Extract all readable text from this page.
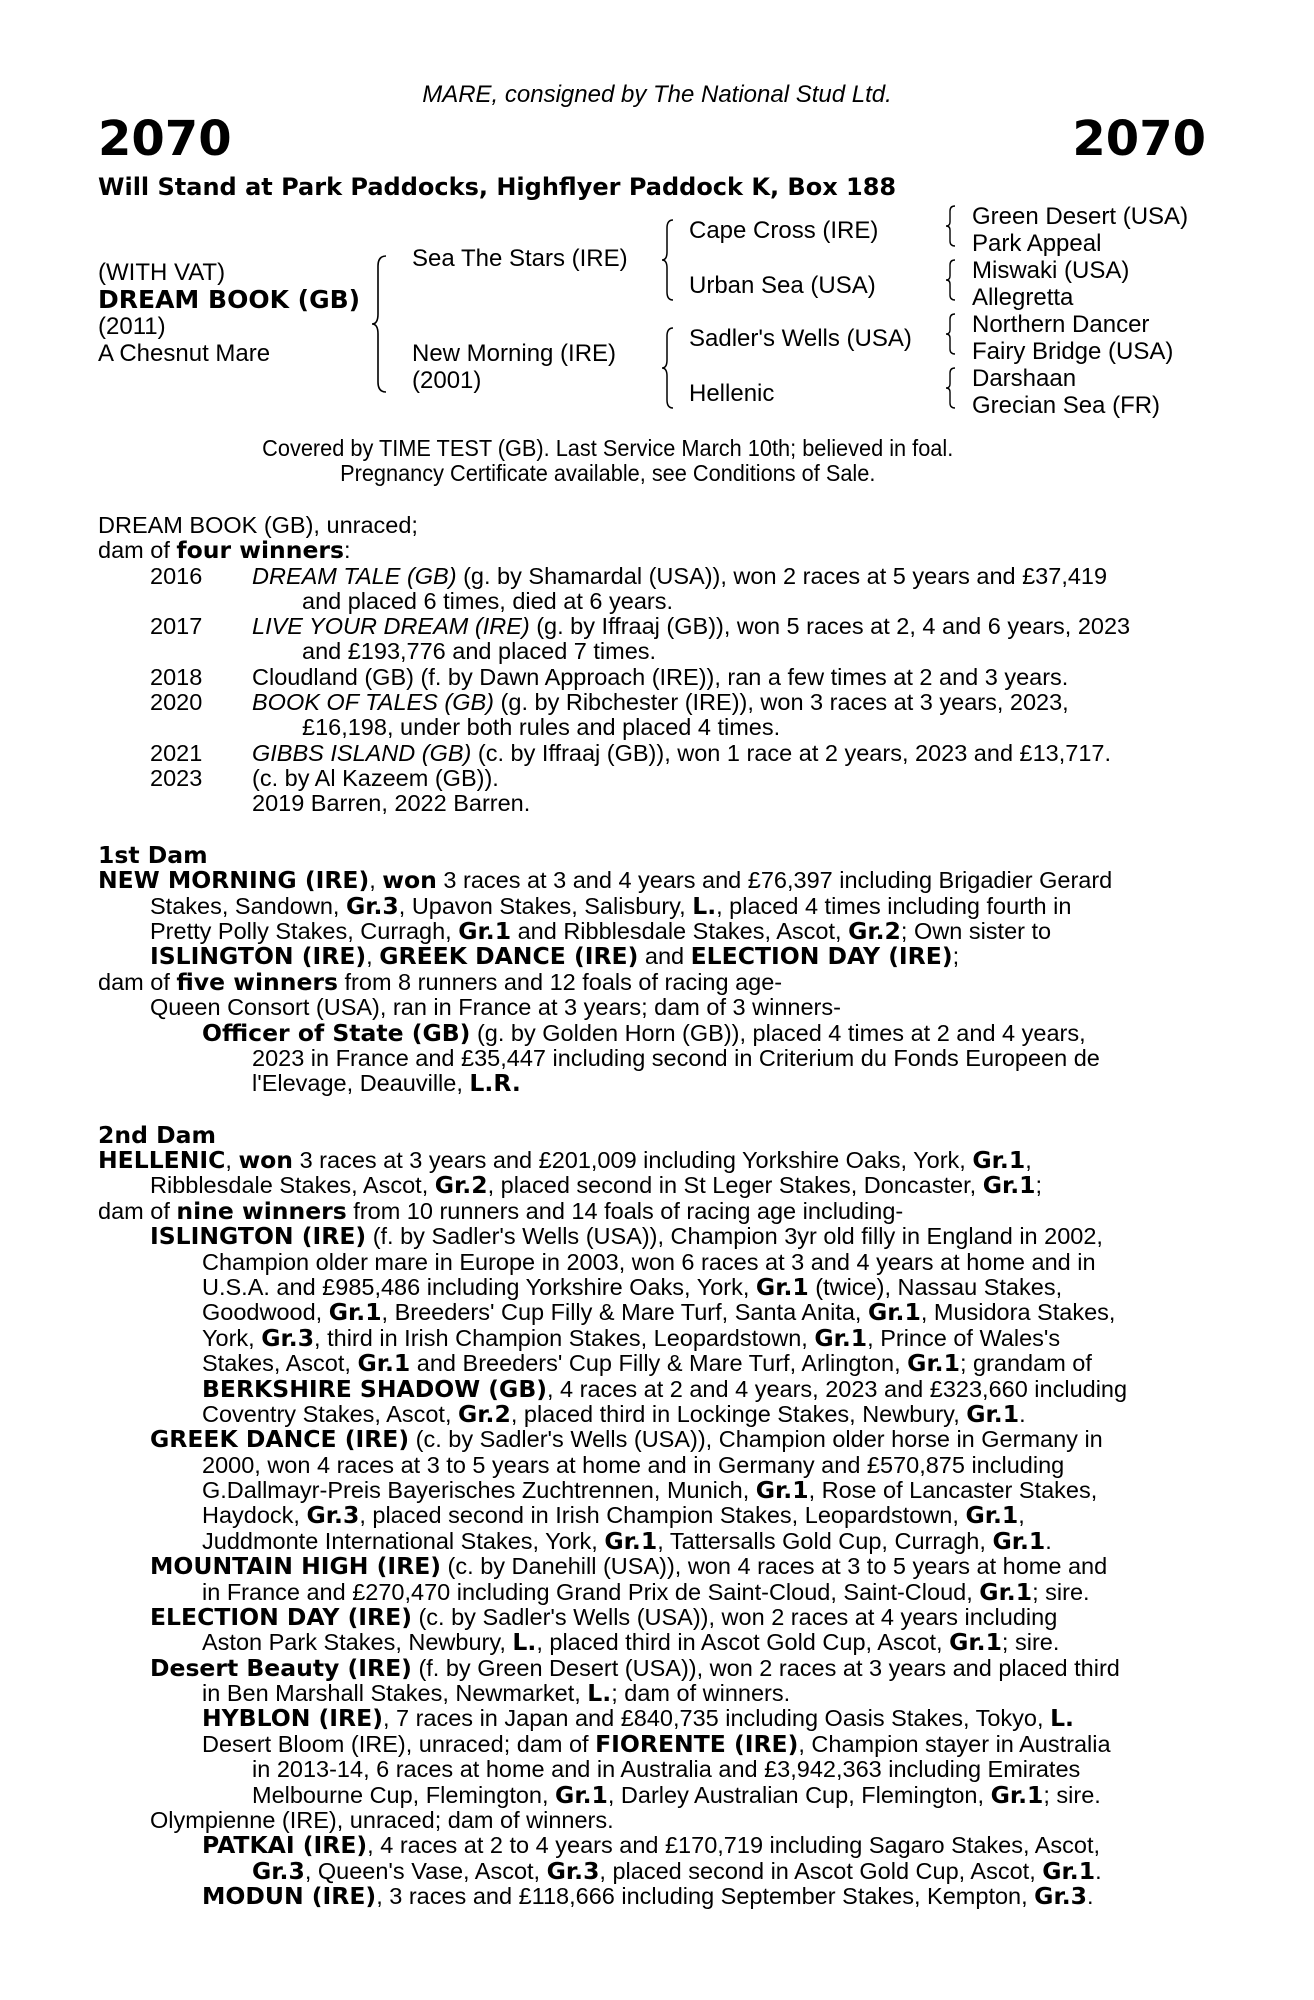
MARE, consigned by The National Stud Ltd.
2070	2070
Will Stand at Park Paddocks, Highflyer Paddock K, Box 188
(WITH VAT)
DREAM BOOK (GB)
(2011)
A Chesnut Mare
Sea The Stars (IRE)
New Morning (IRE)
(2001)
Cape Cross (IRE)
Urban Sea (USA)
Sadler's Wells (USA)
Hellenic
Green Desert (USA)
Park Appeal
Miswaki (USA)
Allegretta
Northern Dancer
Fairy Bridge (USA)
Darshaan
Grecian Sea (FR)
Covered by TIME TEST (GB). Last Service March 10th; believed in foal.
Pregnancy Certificate available, see Conditions of Sale.
DREAM BOOK (GB), unraced;
dam of four winners:
2016 DREAM TALE (GB) (g. by Shamardal (USA)), won 2 races at 5 years and £37,419
and placed 6 times, died at 6 years.
2017 LIVE YOUR DREAM (IRE) (g. by Iffraaj (GB)), won 5 races at 2, 4 and 6 years, 2023
and £193,776 and placed 7 times.
2018 Cloudland (GB) (f. by Dawn Approach (IRE)), ran a few times at 2 and 3 years.
2020 BOOK OF TALES (GB) (g. by Ribchester (IRE)), won 3 races at 3 years, 2023,
£16,198, under both rules and placed 4 times.
2021 GIBBS ISLAND (GB) (c. by Iffraaj (GB)), won 1 race at 2 years, 2023 and £13,717.
2023 (c. by Al Kazeem (GB)).
2019 Barren, 2022 Barren.
1st Dam
NEW MORNING (IRE), won 3 races at 3 and 4 years and £76,397 including Brigadier Gerard
Stakes, Sandown, Gr.3, Upavon Stakes, Salisbury, L., placed 4 times including fourth in
Pretty Polly Stakes, Curragh, Gr.1 and Ribblesdale Stakes, Ascot, Gr.2; Own sister to
ISLINGTON (IRE), GREEK DANCE (IRE) and ELECTION DAY (IRE);
dam of five winners from 8 runners and 12 foals of racing age-
Queen Consort (USA), ran in France at 3 years; dam of 3 winners-
Officer of State (GB) (g. by Golden Horn (GB)), placed 4 times at 2 and 4 years,
2023 in France and £35,447 including second in Criterium du Fonds Europeen de
l'Elevage, Deauville, L.R.
2nd Dam
HELLENIC, won 3 races at 3 years and £201,009 including Yorkshire Oaks, York, Gr.1,
Ribblesdale Stakes, Ascot, Gr.2, placed second in St Leger Stakes, Doncaster, Gr.1;
dam of nine winners from 10 runners and 14 foals of racing age including-
ISLINGTON (IRE) (f. by Sadler's Wells (USA)), Champion 3yr old filly in England in 2002,
Champion older mare in Europe in 2003, won 6 races at 3 and 4 years at home and in
U.S.A. and £985,486 including Yorkshire Oaks, York, Gr.1 (twice), Nassau Stakes,
Goodwood, Gr.1, Breeders' Cup Filly & Mare Turf, Santa Anita, Gr.1, Musidora Stakes,
York, Gr.3, third in Irish Champion Stakes, Leopardstown, Gr.1, Prince of Wales's
Stakes, Ascot, Gr.1 and Breeders' Cup Filly & Mare Turf, Arlington, Gr.1; grandam of
BERKSHIRE SHADOW (GB), 4 races at 2 and 4 years, 2023 and £323,660 including
Coventry Stakes, Ascot, Gr.2, placed third in Lockinge Stakes, Newbury, Gr.1.
GREEK DANCE (IRE) (c. by Sadler's Wells (USA)), Champion older horse in Germany in
2000, won 4 races at 3 to 5 years at home and in Germany and £570,875 including
G.Dallmayr-Preis Bayerisches Zuchtrennen, Munich, Gr.1, Rose of Lancaster Stakes,
Haydock, Gr.3, placed second in Irish Champion Stakes, Leopardstown, Gr.1,
Juddmonte International Stakes, York, Gr.1, Tattersalls Gold Cup, Curragh, Gr.1.
MOUNTAIN HIGH (IRE) (c. by Danehill (USA)), won 4 races at 3 to 5 years at home and
in France and £270,470 including Grand Prix de Saint-Cloud, Saint-Cloud, Gr.1; sire.
ELECTION DAY (IRE) (c. by Sadler's Wells (USA)), won 2 races at 4 years including
Aston Park Stakes, Newbury, L., placed third in Ascot Gold Cup, Ascot, Gr.1; sire.
Desert Beauty (IRE) (f. by Green Desert (USA)), won 2 races at 3 years and placed third
in Ben Marshall Stakes, Newmarket, L.; dam of winners.
HYBLON (IRE), 7 races in Japan and £840,735 including Oasis Stakes, Tokyo, L.
Desert Bloom (IRE), unraced; dam of FIORENTE (IRE), Champion stayer in Australia
in 2013-14, 6 races at home and in Australia and £3,942,363 including Emirates
Melbourne Cup, Flemington, Gr.1, Darley Australian Cup, Flemington, Gr.1; sire.
Olympienne (IRE), unraced; dam of winners.
PATKAI (IRE), 4 races at 2 to 4 years and £170,719 including Sagaro Stakes, Ascot,
Gr.3, Queen's Vase, Ascot, Gr.3, placed second in Ascot Gold Cup, Ascot, Gr.1.
MODUN (IRE), 3 races and £118,666 including September Stakes, Kempton, Gr.3.
